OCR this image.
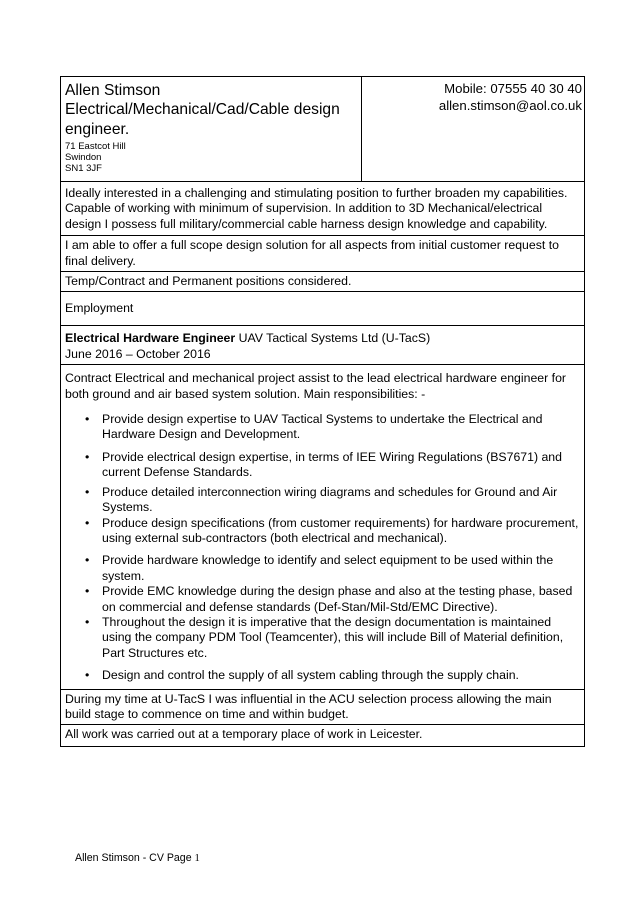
Allen Stimson
Electrical/Mechanical/Cad/Cable design engineer.
71 Eastcot Hill
Swindon
SN1 3JF
Mobile: 07555 40 30 40
allen.stimson@aol.co.uk

Ideally interested in a challenging and stimulating position to further broaden my capabilities. Capable of working with minimum of supervision. In addition to 3D Mechanical/electrical design I possess full military/commercial cable harness design knowledge and capability.

I am able to offer a full scope design solution for all aspects from initial customer request to final delivery.

Temp/Contract and Permanent positions considered.

Employment

Electrical Hardware Engineer UAV Tactical Systems Ltd (U-TacS)

June 2016 – October 2016

Contract Electrical and mechanical project assist to the lead electrical hardware engineer for both ground and air based system solution. Main responsibilities: -

• Provide design expertise to UAV Tactical Systems to undertake the Electrical and Hardware Design and Development.
• Provide electrical design expertise, in terms of IEE Wiring Regulations (BS7671) and current Defense Standards.
• Produce detailed interconnection wiring diagrams and schedules for Ground and Air Systems.
• Produce design specifications (from customer requirements) for hardware procurement, using external sub-contractors (both electrical and mechanical).
• Provide hardware knowledge to identify and select equipment to be used within the system.
• Provide EMC knowledge during the design phase and also at the testing phase, based on commercial and defense standards (Def-Stan/Mil-Std/EMC Directive).
• Throughout the design it is imperative that the design documentation is maintained using the company PDM Tool (Teamcenter), this will include Bill of Material definition, Part Structures etc.
• Design and control the supply of all system cabling through the supply chain.

During my time at U-TacS I was influential in the ACU selection process allowing the main build stage to commence on time and within budget.

All work was carried out at a temporary place of work in Leicester.

Allen Stimson - CV Page 1
